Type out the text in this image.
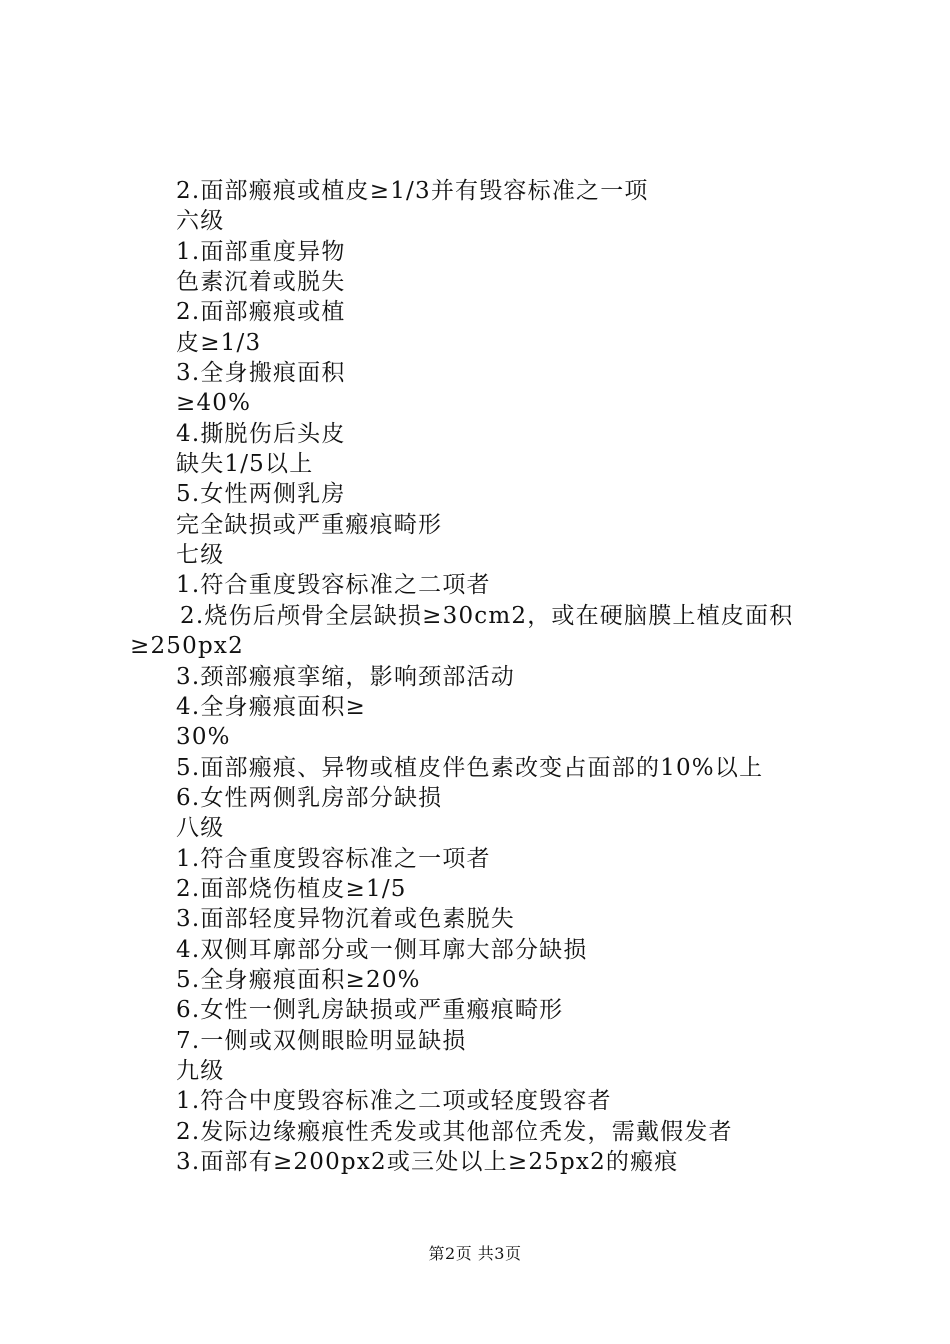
2.面部瘢痕或植皮≥1/3并有毁容标准之一项
六级
1.面部重度异物
色素沉着或脱失
2.面部瘢痕或植
皮≥1/3
3.全身搬痕面积
≥40%
4.撕脱伤后头皮
缺失1/5以上
5.女性两侧乳房
完全缺损或严重瘢痕畸形
七级
1.符合重度毁容标准之二项者
2.烧伤后颅骨全层缺损≥30cm2，或在硬脑膜上植皮面积
≥250px2
3.颈部瘢痕挛缩，影响颈部活动
4.全身瘢痕面积≥
30%
5.面部瘢痕、异物或植皮伴色素改变占面部的10%以上
6.女性两侧乳房部分缺损
八级
1.符合重度毁容标准之一项者
2.面部烧伤植皮≥1/5
3.面部轻度异物沉着或色素脱失
4.双侧耳廓部分或一侧耳廓大部分缺损
5.全身瘢痕面积≥20%
6.女性一侧乳房缺损或严重瘢痕畸形
7.一侧或双侧眼睑明显缺损
九级
1.符合中度毁容标准之二项或轻度毁容者
2.发际边缘瘢痕性秃发或其他部位秃发，需戴假发者
3.面部有≥200px2或三处以上≥25px2的瘢痕
第2页 共3页
